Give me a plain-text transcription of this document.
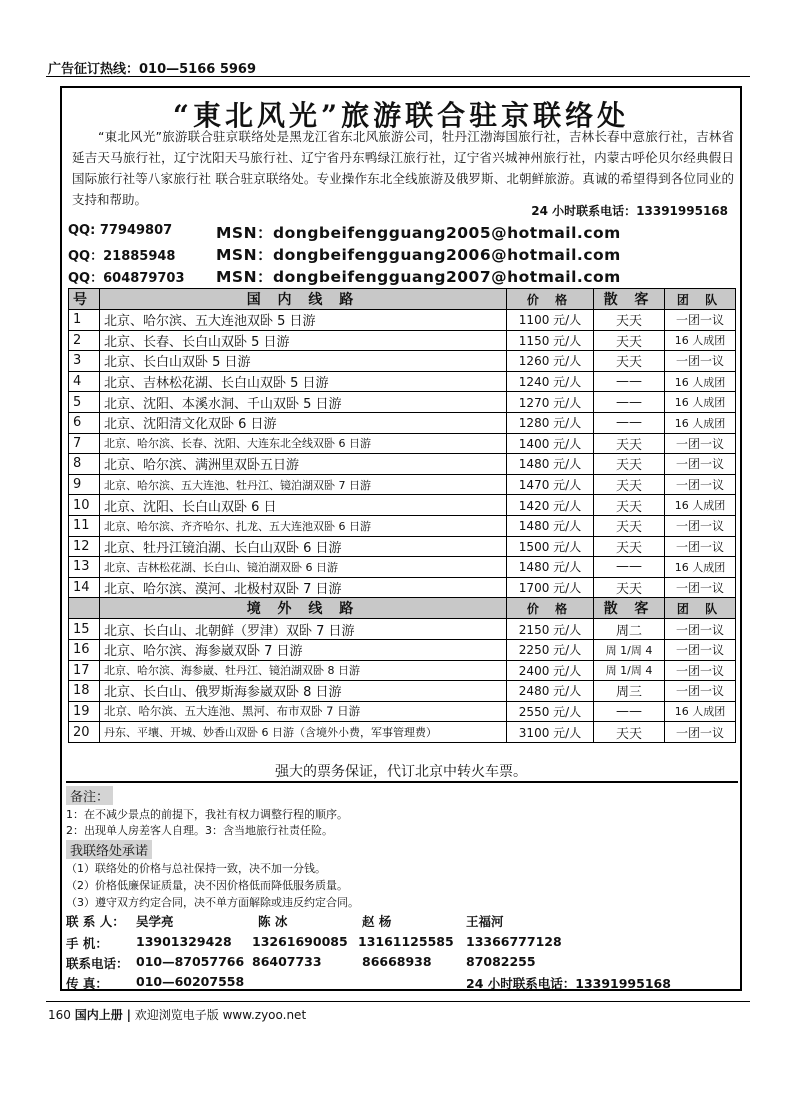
广告征订热线：010—5166 5969
“東北风光”旅游联合驻京联络处
“東北风光”旅游联合驻京联络处是黑龙江省东北风旅游公司，牡丹江渤海国旅行社，吉林长春中意旅行社，吉林省延吉天马旅行社，辽宁沈阳天马旅行社、辽宁省丹东鸭绿江旅行社，辽宁省兴城神州旅行社，内蒙古呼伦贝尔经典假日国际旅行社等八家旅行社 联合驻京联络处。专业操作东北全线旅游及俄罗斯、北朝鲜旅游。真诚的希望得到各位同业的支持和帮助。
24 小时联系电话：13391995168
QQ: 77949807	MSN：dongbeifengguang2005@hotmail.com
QQ：21885948	MSN：dongbeifengguang2006@hotmail.com
QQ：604879703	MSN：dongbeifengguang2007@hotmail.com
号	国 内 线 路	价 格	散 客	团 队
1	北京、哈尔滨、五大连池双卧 5 日游	1100 元/人	天天	一团一议
2	北京、长春、长白山双卧 5 日游	1150 元/人	天天	16 人成团
3	北京、长白山双卧 5 日游	1260 元/人	天天	一团一议
4	北京、吉林松花湖、长白山双卧 5 日游	1240 元/人	——	16 人成团
5	北京、沈阳、本溪水洞、千山双卧 5 日游	1270 元/人	——	16 人成团
6	北京、沈阳清文化双卧 6 日游	1280 元/人	——	16 人成团
7	北京、哈尔滨、长春、沈阳、大连东北全线双卧 6 日游	1400 元/人	天天	一团一议
8	北京、哈尔滨、满洲里双卧五日游	1480 元/人	天天	一团一议
9	北京、哈尔滨、五大连池、牡丹江、镜泊湖双卧 7 日游	1470 元/人	天天	一团一议
10	北京、沈阳、长白山双卧 6 日	1420 元/人	天天	16 人成团
11	北京、哈尔滨、齐齐哈尔、扎龙、五大连池双卧 6 日游	1480 元/人	天天	一团一议
12	北京、牡丹江镜泊湖、长白山双卧 6 日游	1500 元/人	天天	一团一议
13	北京、吉林松花湖、长白山、镜泊湖双卧 6 日游	1480 元/人	——	16 人成团
14	北京、哈尔滨、漠河、北极村双卧 7 日游	1700 元/人	天天	一团一议
	境 外 线 路	价 格	散 客	团 队
15	北京、长白山、北朝鲜（罗津）双卧 7 日游	2150 元/人	周二	一团一议
16	北京、哈尔滨、海参崴双卧 7 日游	2250 元/人	周 1/周 4	一团一议
17	北京、哈尔滨、海参崴、牡丹江、镜泊湖双卧 8 日游	2400 元/人	周 1/周 4	一团一议
18	北京、长白山、俄罗斯海参崴双卧 8 日游	2480 元/人	周三	一团一议
19	北京、哈尔滨、五大连池、黑河、布市双卧 7 日游	2550 元/人	——	16 人成团
20	丹东、平壤、开城、妙香山双卧 6 日游（含境外小费，军事管理费）	3100 元/人	天天	一团一议
强大的票务保证，代订北京中转火车票。
备注：
1：在不减少景点的前提下，我社有权力调整行程的顺序。
2：出现单人房差客人自理。3：含当地旅行社责任险。
我联络处承诺
（1）联络处的价格与总社保持一致，决不加一分钱。
（2）价格低廉保证质量，决不因价格低而降低服务质量。
（3）遵守双方约定合同，决不单方面解除或违反约定合同。
联 系 人： 吴学亮	陈 冰	赵 杨	王福河
手 机： 13901329428 13261690085 13161125585 13366777128
联系电话： 010—87057766 86407733	86668938	87082255
传 真： 010—60207558	24 小时联系电话：13391995168
160 国内上册 | 欢迎浏览电子版 www.zyoo.net
